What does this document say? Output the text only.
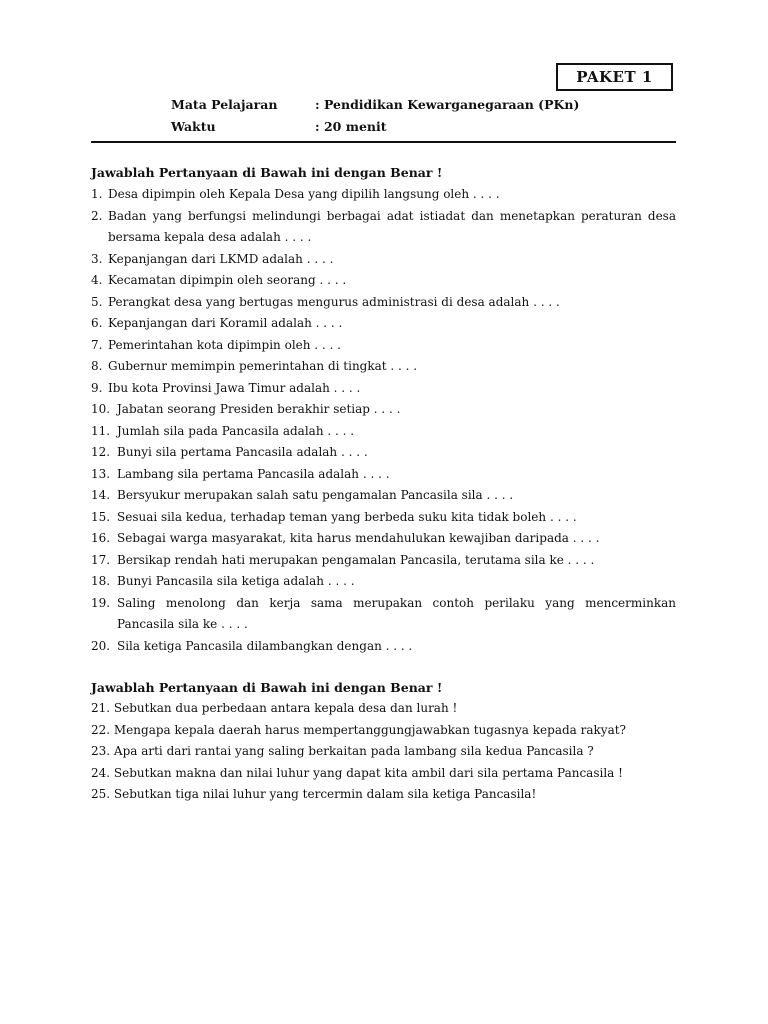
PAKET 1
Mata Pelajaran	: Pendidikan Kewarganegaraan (PKn)
Waktu	: 20 menit
Jawablah Pertanyaan di Bawah ini dengan Benar !
1. Desa dipimpin oleh Kepala Desa yang dipilih langsung oleh . . . .
2. Badan yang berfungsi melindungi berbagai adat istiadat dan menetapkan peraturan desa bersama kepala desa adalah . . . .
3. Kepanjangan dari LKMD adalah . . . .
4. Kecamatan dipimpin oleh seorang . . . .
5. Perangkat desa yang bertugas mengurus administrasi di desa adalah . . . .
6. Kepanjangan dari Koramil adalah . . . .
7. Pemerintahan kota dipimpin oleh . . . .
8. Gubernur memimpin pemerintahan di tingkat . . . .
9. Ibu kota Provinsi Jawa Timur adalah . . . .
10. Jabatan seorang Presiden berakhir setiap . . . .
11. Jumlah sila pada Pancasila adalah . . . .
12. Bunyi sila pertama Pancasila adalah . . . .
13. Lambang sila pertama Pancasila adalah . . . .
14. Bersyukur merupakan salah satu pengamalan Pancasila sila . . . .
15. Sesuai sila kedua, terhadap teman yang berbeda suku kita tidak boleh . . . .
16. Sebagai warga masyarakat, kita harus mendahulukan kewajiban daripada . . . .
17. Bersikap rendah hati merupakan pengamalan Pancasila, terutama sila ke . . . .
18. Bunyi Pancasila sila ketiga adalah . . . .
19. Saling menolong dan kerja sama merupakan contoh perilaku yang mencerminkan Pancasila sila ke . . . .
20. Sila ketiga Pancasila dilambangkan dengan . . . .
Jawablah Pertanyaan di Bawah ini dengan Benar !
21. Sebutkan dua perbedaan antara kepala desa dan lurah !
22. Mengapa kepala daerah harus mempertanggungjawabkan tugasnya kepada rakyat?
23. Apa arti dari rantai yang saling berkaitan pada lambang sila kedua Pancasila ?
24. Sebutkan makna dan nilai luhur yang dapat kita ambil dari sila pertama Pancasila !
25. Sebutkan tiga nilai luhur yang tercermin dalam sila ketiga Pancasila!
